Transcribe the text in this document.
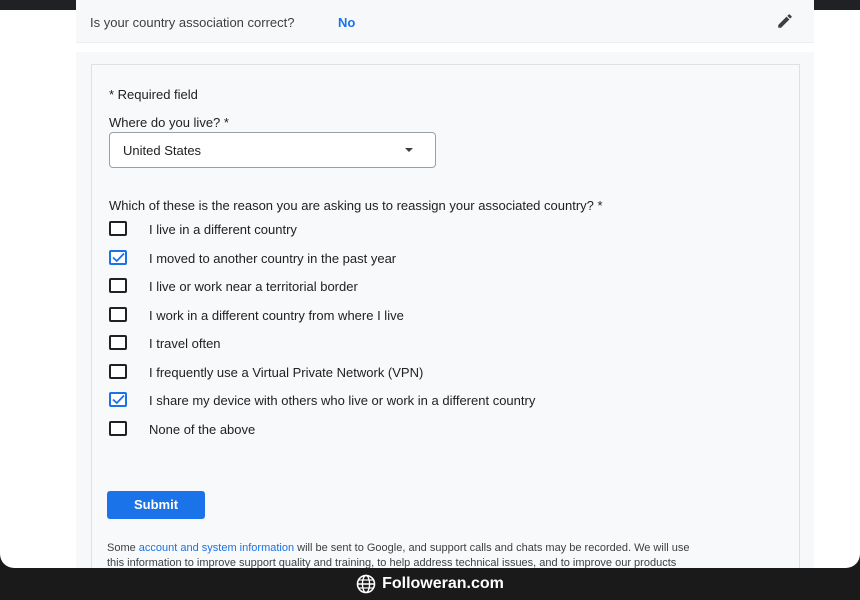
Is your country association correct?	No
* Required field
Where do you live? *
United States
Which of these is the reason you are asking us to reassign your associated country? *
I live in a different country
I moved to another country in the past year
I live or work near a territorial border
I work in a different country from where I live
I travel often
I frequently use a Virtual Private Network (VPN)
I share my device with others who live or work in a different country
None of the above
Submit
Some account and system information will be sent to Google, and support calls and chats may be recorded. We will use
this information to improve support quality and training, to help address technical issues, and to improve our products
Followeran.com
